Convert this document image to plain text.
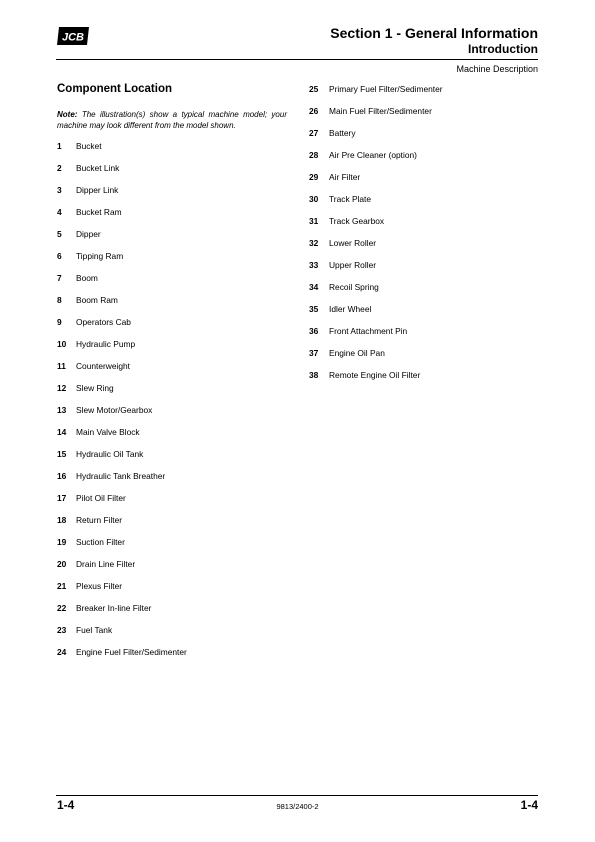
JCB	Section 1 - General Information
Introduction
Machine Description
Component Location
Note: The illustration(s) show a typical machine model; your machine may look different from the model shown.
1	Bucket
2	Bucket Link
3	Dipper Link
4	Bucket Ram
5	Dipper
6	Tipping Ram
7	Boom
8	Boom Ram
9	Operators Cab
10	Hydraulic Pump
11	Counterweight
12	Slew Ring
13	Slew Motor/Gearbox
14	Main Valve Block
15	Hydraulic Oil Tank
16	Hydraulic Tank Breather
17	Pilot Oil Filter
18	Return Filter
19	Suction Filter
20	Drain Line Filter
21	Plexus Filter
22	Breaker In-line Filter
23	Fuel Tank
24	Engine Fuel Filter/Sedimenter
25	Primary Fuel Filter/Sedimenter
26	Main Fuel Filter/Sedimenter
27	Battery
28	Air Pre Cleaner (option)
29	Air Filter
30	Track Plate
31	Track Gearbox
32	Lower Roller
33	Upper Roller
34	Recoil Spring
35	Idler Wheel
36	Front Attachment Pin
37	Engine Oil Pan
38	Remote Engine Oil Filter
1-4	9813/2400-2	1-4
